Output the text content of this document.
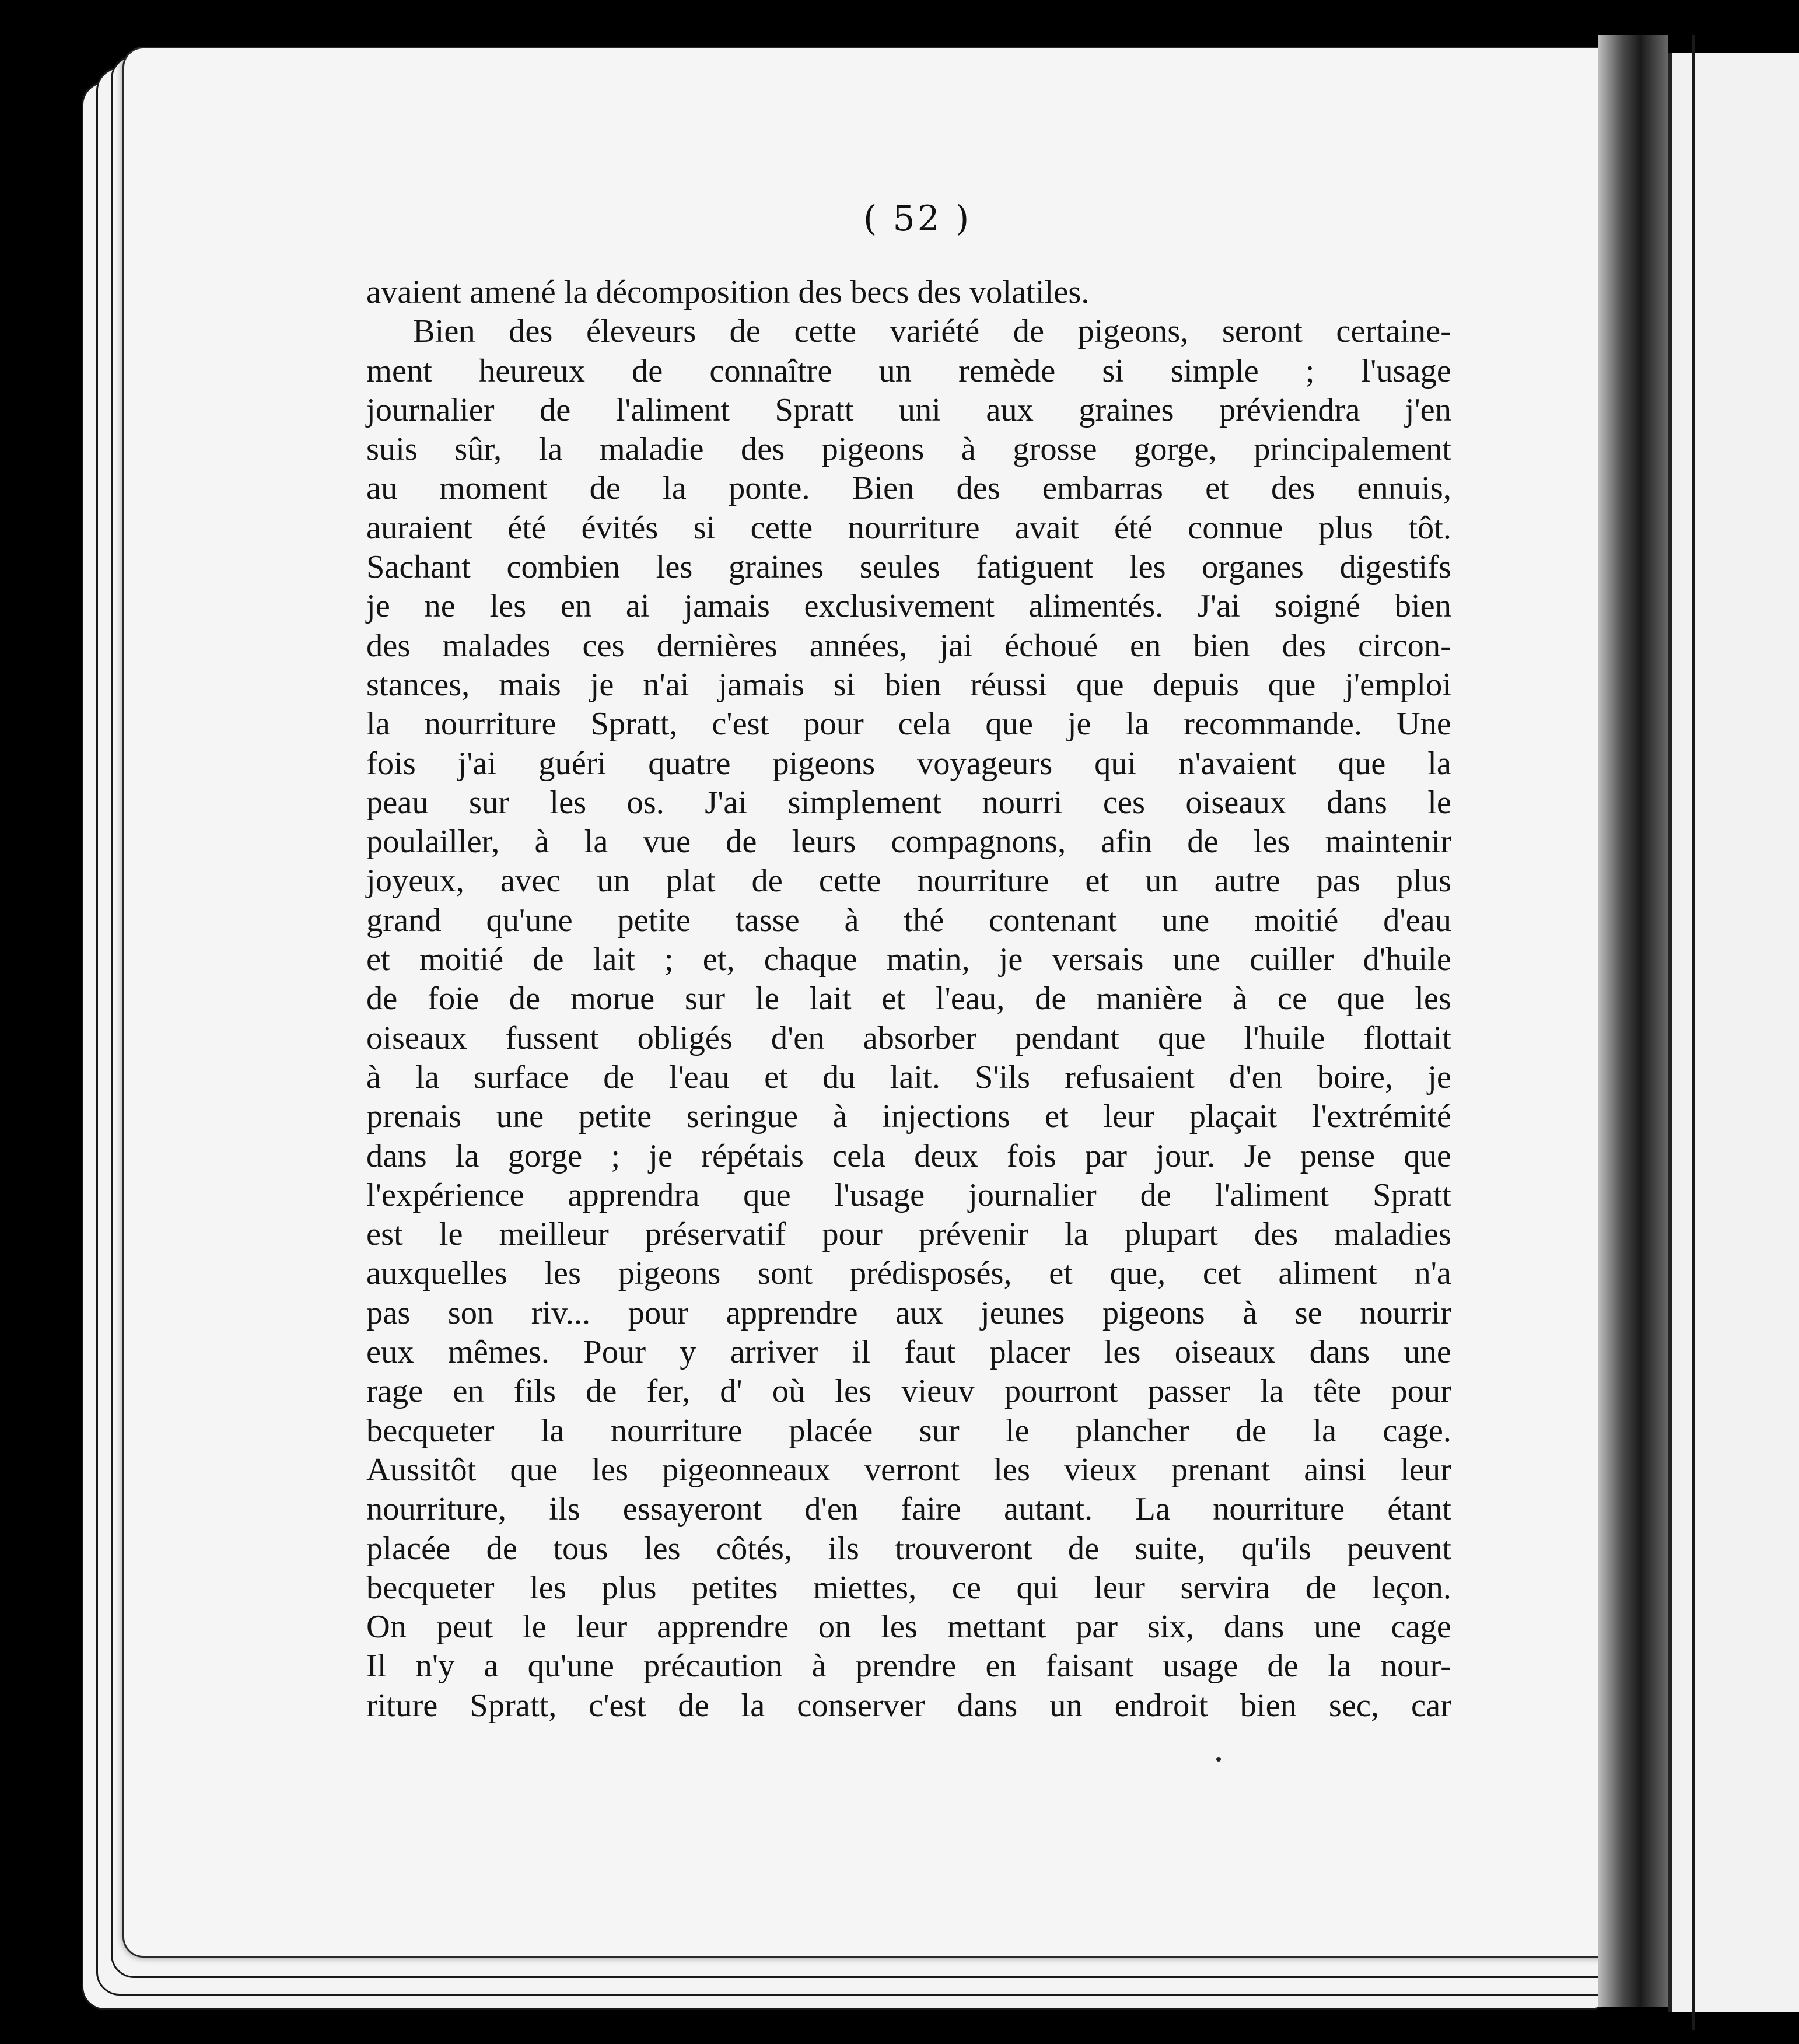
( 52 )
avaient amené la décomposition des becs des volatiles.
Bien des éleveurs de cette variété de pigeons, seront certaine-
ment heureux de connaître un remède si simple ; l'usage
journalier de l'aliment Spratt uni aux graines préviendra j'en
suis sûr, la maladie des pigeons à grosse gorge, principalement
au moment de la ponte. Bien des embarras et des ennuis,
auraient été évités si cette nourriture avait été connue plus tôt.
Sachant combien les graines seules fatiguent les organes digestifs
je ne les en ai jamais exclusivement alimentés. J'ai soigné bien
des malades ces dernières années, jai échoué en bien des circon-
stances, mais je n'ai jamais si bien réussi que depuis que j'emploi
la nourriture Spratt, c'est pour cela que je la recommande. Une
fois j'ai guéri quatre pigeons voyageurs qui n'avaient que la
peau sur les os. J'ai simplement nourri ces oiseaux dans le
poulailler, à la vue de leurs compagnons, afin de les maintenir
joyeux, avec un plat de cette nourriture et un autre pas plus
grand qu'une petite tasse à thé contenant une moitié d'eau
et moitié de lait ; et, chaque matin, je versais une cuiller d'huile
de foie de morue sur le lait et l'eau, de manière à ce que les
oiseaux fussent obligés d'en absorber pendant que l'huile flottait
à la surface de l'eau et du lait. S'ils refusaient d'en boire, je
prenais une petite seringue à injections et leur plaçait l'extrémité
dans la gorge ; je répétais cela deux fois par jour. Je pense que
l'expérience apprendra que l'usage journalier de l'aliment Spratt
est le meilleur préservatif pour prévenir la plupart des maladies
auxquelles les pigeons sont prédisposés, et que, cet aliment n'a
pas son riv... pour apprendre aux jeunes pigeons à se nourrir
eux mêmes. Pour y arriver il faut placer les oiseaux dans une
rage en fils de fer, d' où les vieuv pourront passer la tête pour
becqueter la nourriture placée sur le plancher de la cage.
Aussitôt que les pigeonneaux verront les vieux prenant ainsi leur
nourriture, ils essayeront d'en faire autant. La nourriture étant
placée de tous les côtés, ils trouveront de suite, qu'ils peuvent
becqueter les plus petites miettes, ce qui leur servira de leçon.
On peut le leur apprendre on les mettant par six, dans une cage
Il n'y a qu'une précaution à prendre en faisant usage de la nour-
riture Spratt, c'est de la conserver dans un endroit bien sec, car
